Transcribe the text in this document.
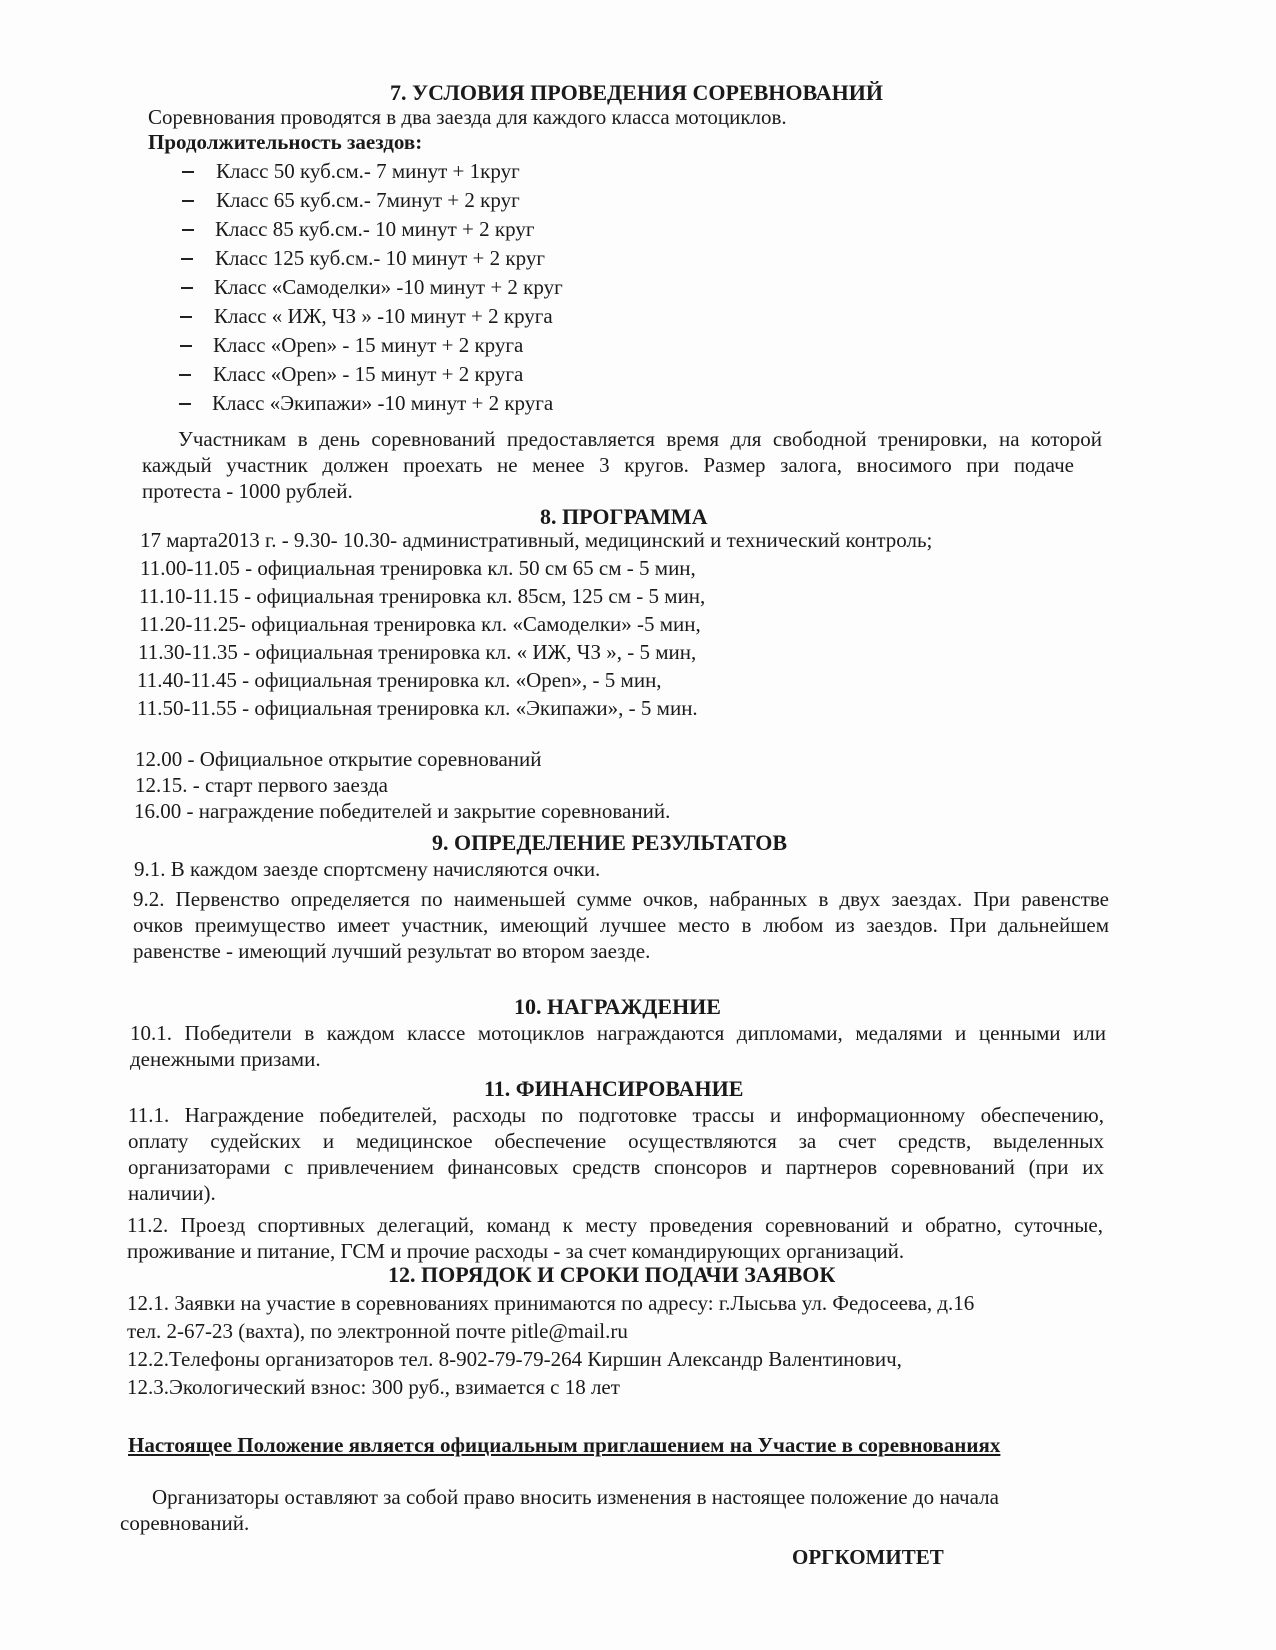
7. УСЛОВИЯ ПРОВЕДЕНИЯ СОРЕВНОВАНИЙ
Соревнования проводятся в два заезда для каждого класса мотоциклов.
Продолжительность заездов:
Класс 50 куб.см.- 7 минут + 1круг
Класс 65 куб.см.- 7минут + 2 круг
Класс 85 куб.см.- 10 минут + 2 круг
Класс 125 куб.см.- 10 минут + 2 круг
Класс «Самоделки» -10 минут + 2 круг
Класс « ИЖ, ЧЗ » -10 минут + 2 круга
Класс «Open» - 15 минут + 2 круга
Класс «Open» - 15 минут + 2 круга
Класс «Экипажи» -10 минут + 2 круга
Участникам в день соревнований предоставляется время для свободной тренировки, на которой
каждый участник должен проехать не менее 3 кругов. Размер залога, вносимого при подаче
протеста - 1000 рублей.
8. ПРОГРАММА
17 марта2013 г. - 9.30- 10.30- административный, медицинский и технический контроль;
11.00-11.05 - официальная тренировка кл. 50 см 65 см - 5 мин,
11.10-11.15 - официальная тренировка кл. 85см, 125 см - 5 мин,
11.20-11.25- официальная тренировка кл. «Самоделки» -5 мин,
11.30-11.35 - официальная тренировка кл. « ИЖ, ЧЗ », - 5 мин,
11.40-11.45 - официальная тренировка кл. «Open», - 5 мин,
11.50-11.55 - официальная тренировка кл. «Экипажи», - 5 мин.
12.00 - Официальное открытие соревнований
12.15. - старт первого заезда
16.00 - награждение победителей и закрытие соревнований.
9. ОПРЕДЕЛЕНИЕ РЕЗУЛЬТАТОВ
9.1. В каждом заезде спортсмену начисляются очки.
9.2. Первенство определяется по наименьшей сумме очков, набранных в двух заездах. При равенстве
очков преимущество имеет участник, имеющий лучшее место в любом из заездов. При дальнейшем
равенстве - имеющий лучший результат во втором заезде.
10. НАГРАЖДЕНИЕ
10.1. Победители в каждом классе мотоциклов награждаются дипломами, медалями и ценными или
денежными призами.
11. ФИНАНСИРОВАНИЕ
11.1. Награждение победителей, расходы по подготовке трассы и информационному обеспечению,
оплату судейских и медицинское обеспечение осуществляются за счет средств, выделенных
организаторами с привлечением финансовых средств спонсоров и партнеров соревнований (при их
наличии).
11.2. Проезд спортивных делегаций, команд к месту проведения соревнований и обратно, суточные,
проживание и питание, ГСМ и прочие расходы - за счет командирующих организаций.
12. ПОРЯДОК И СРОКИ ПОДАЧИ ЗАЯВОК
12.1. Заявки на участие в соревнованиях принимаются по адресу: г.Лысьва ул. Федосеева, д.16
тел. 2-67-23 (вахта), по электронной почте pitle@mail.ru
12.2.Телефоны организаторов тел. 8-902-79-79-264 Киршин Александр Валентинович,
12.3.Экологический взнос: 300 руб., взимается с 18 лет
Настоящее Положение является официальным приглашением на Участие в соревнованиях
Организаторы оставляют за собой право вносить изменения в настоящее положение до начала
соревнований.
ОРГКОМИТЕТ
